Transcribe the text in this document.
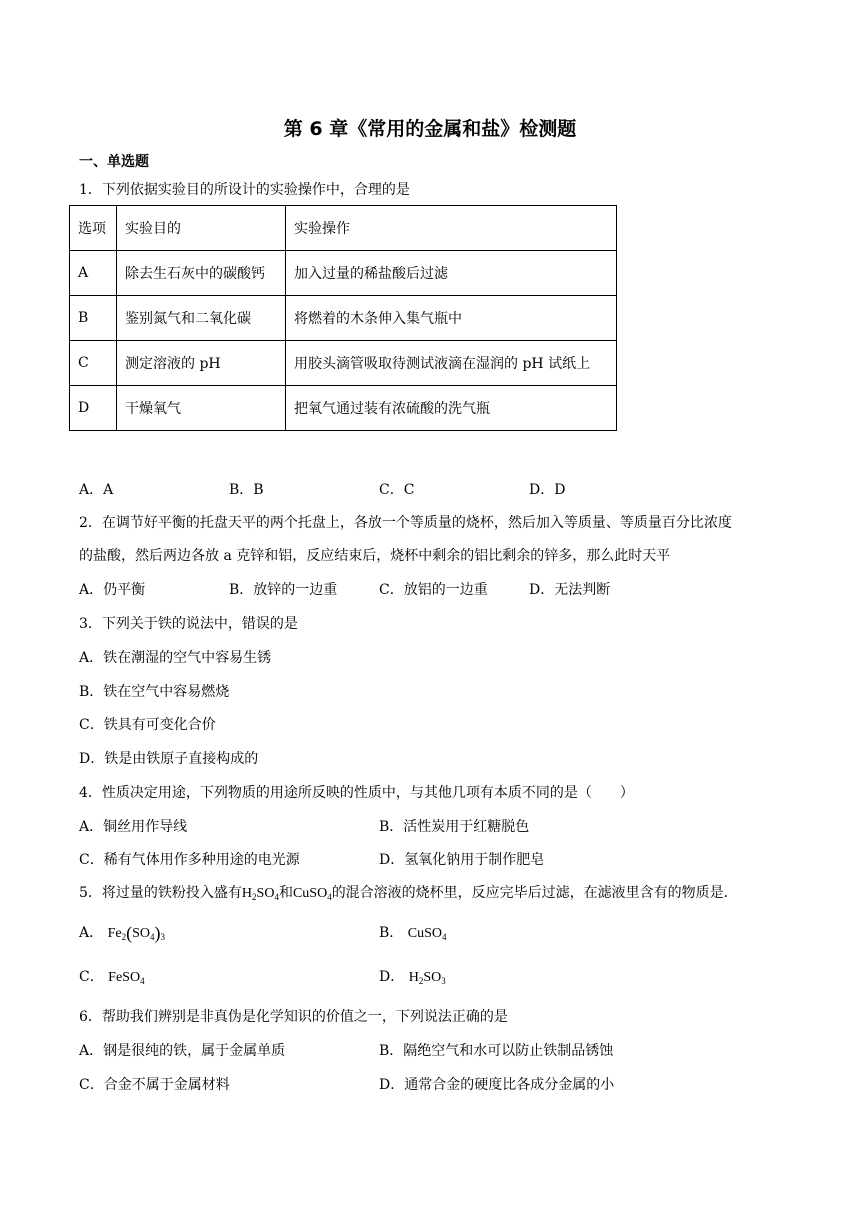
第 6 章《常用的金属和盐》检测题
一、单选题
1．下列依据实验目的所设计的实验操作中，合理的是
选项	实验目的	实验操作
A	除去生石灰中的碳酸钙	加入过量的稀盐酸后过滤
B	鉴别氮气和二氧化碳	将燃着的木条伸入集气瓶中
C	测定溶液的 pH	用胶头滴管吸取待测试液滴在湿润的 pH 试纸上
D	干燥氧气	把氧气通过装有浓硫酸的洗气瓶
A．A	B．B	C．C	D．D
2．在调节好平衡的托盘天平的两个托盘上，各放一个等质量的烧杯，然后加入等质量、等质量百分比浓度
的盐酸，然后两边各放 a 克锌和铝，反应结束后，烧杯中剩余的铝比剩余的锌多，那么此时天平
A．仍平衡	B．放锌的一边重	C．放铝的一边重	D．无法判断
3．下列关于铁的说法中，错误的是
A．铁在潮湿的空气中容易生锈
B．铁在空气中容易燃烧
C．铁具有可变化合价
D．铁是由铁原子直接构成的
4．性质决定用途，下列物质的用途所反映的性质中，与其他几项有本质不同的是（　　）
A．铜丝用作导线	B．活性炭用于红糖脱色
C．稀有气体用作多种用途的电光源	D．氢氧化钠用于制作肥皂
5．将过量的铁粉投入盛有$H_2SO_4$和CuSO$_4$的混合溶液的烧杯里，反应完毕后过滤，在滤液里含有的物质是.
A． $Fe_2(SO_4)_3$	B． CuSO$_4$
C． FeSO$_4$	D． $H_2SO_3$
6．帮助我们辨别是非真伪是化学知识的价值之一，下列说法正确的是
A．钢是很纯的铁，属于金属单质	B．隔绝空气和水可以防止铁制品锈蚀
C．合金不属于金属材料	D．通常合金的硬度比各成分金属的小
